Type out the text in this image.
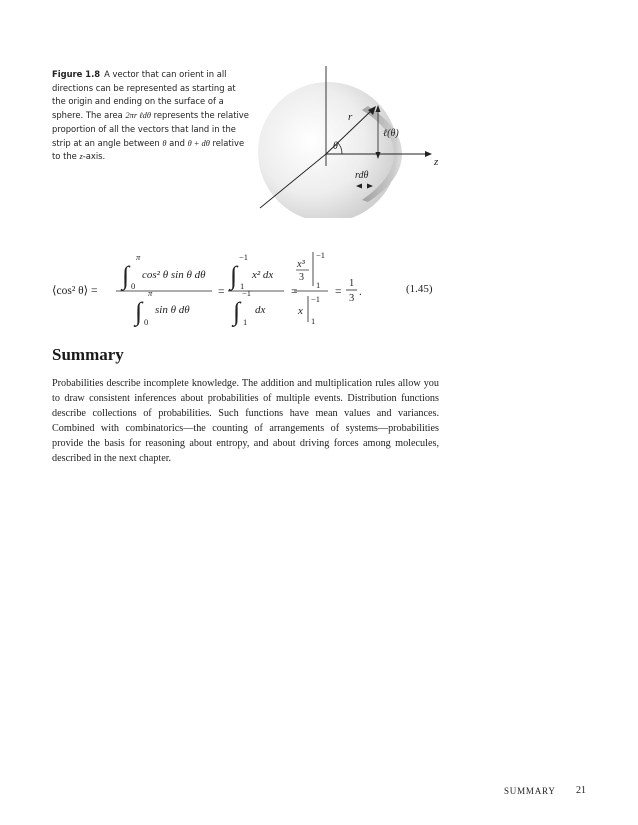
Figure 1.8 A vector that can orient in all directions can be represented as starting at the origin and ending on the surface of a sphere. The area 2πr ℓdθ represents the relative proportion of all the vectors that land in the strip at an angle between θ and θ + dθ relative to the z-axis.
r
θ
ℓ(θ)
z
rdθ
⟨cos² θ⟩ =
∫
π
0
cos² θ sin θ dθ
∫
π
0
sin θ dθ
=
∫
−1
1
x² dx
∫
−1
1
dx
=
x³
3
−1
1
x
−1
1
=
1
3
.	(1.45)
Summary

Probabilities describe incomplete knowledge. The addition and multiplication rules allow you to draw consistent inferences about probabilities of multiple events. Distribution functions describe collections of probabilities. Such functions have mean values and variances. Combined with combinatorics—the counting of arrangements of systems—probabilities provide the basis for reasoning about entropy, and about driving forces among molecules, described in the next chapter.

SUMMARY 21
